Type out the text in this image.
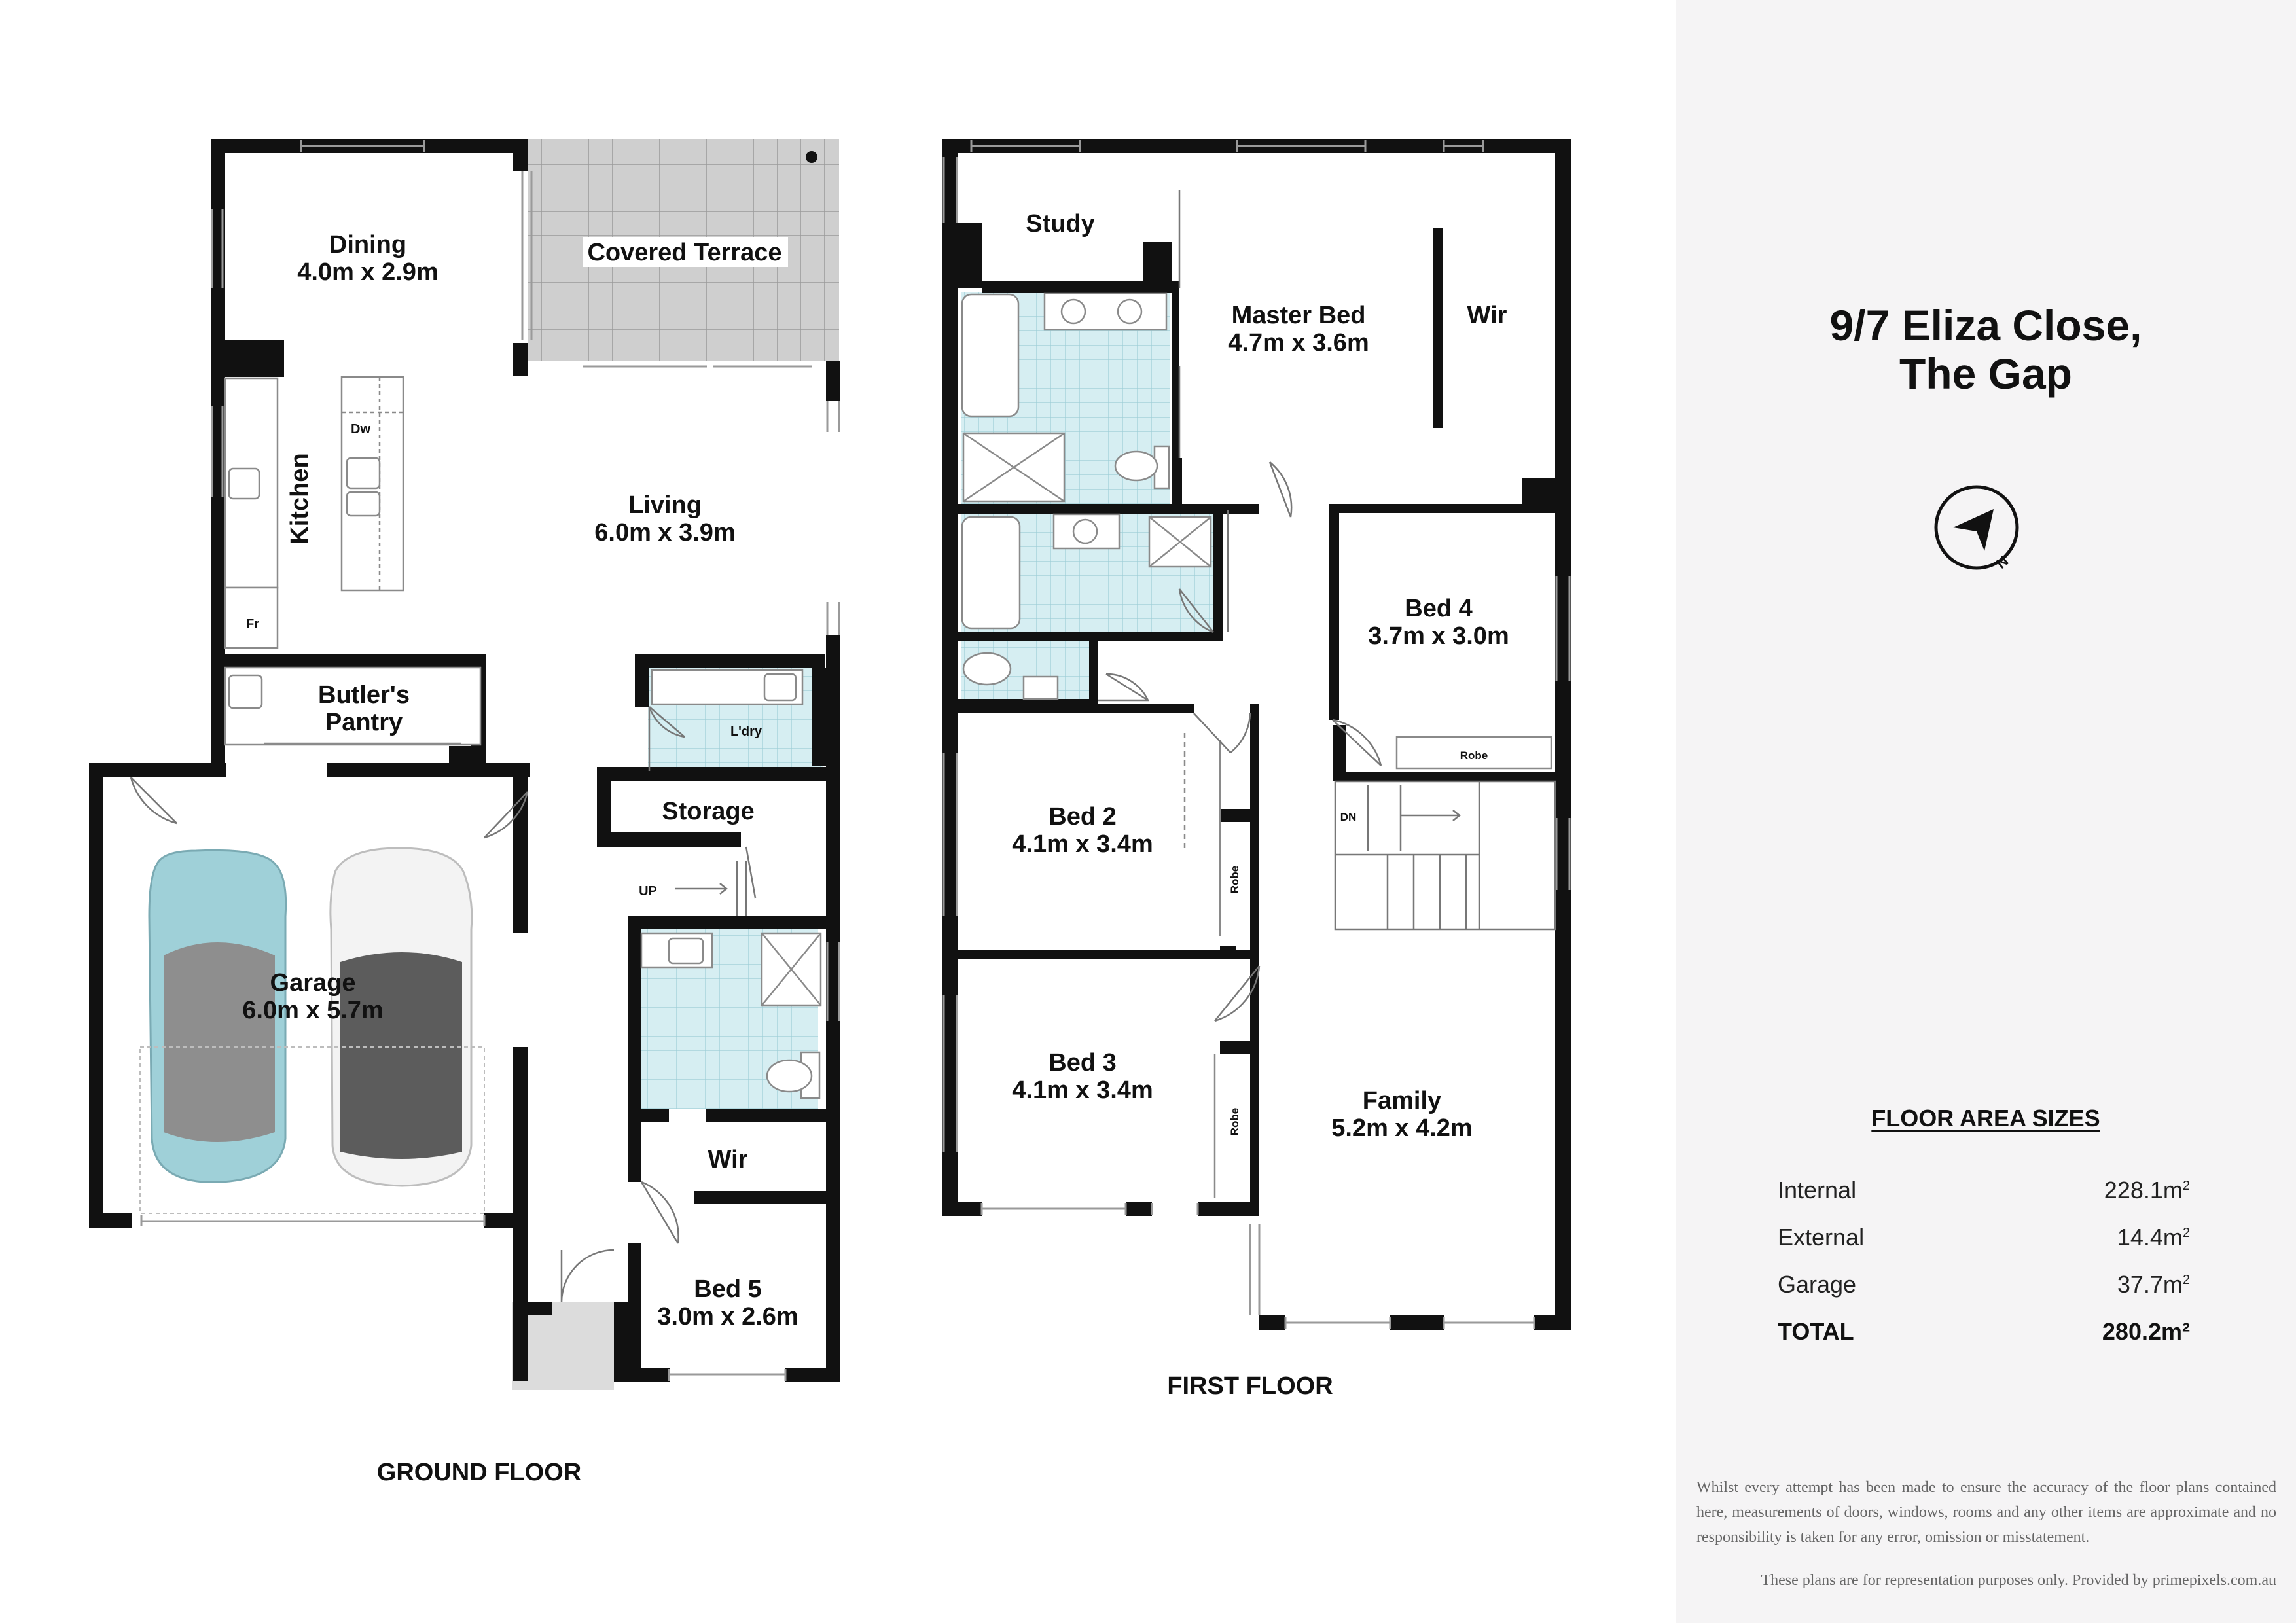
Dining
4.0m x 2.9m
Covered Terrace
Kitchen
Dw
Fr
Living
6.0m x 3.9m
Butler's
Pantry	L'dry
Storage
UP
Garage
6.0m x 5.7m
Wir
Bed 5
3.0m x 2.6m
GROUND FLOOR
Study
Master Bed
4.7m x 3.6m
Wir
Bed 4
3.7m x 3.0m
Robe
DN
Bed 2
4.1m x 3.4m
Robe
Bed 3
4.1m x 3.4m
Robe
Family
5.2m x 4.2m
FIRST FLOOR
9/7 Eliza Close,
The Gap
N
FLOOR AREA SIZES
Internal	$228.1m^2$
External	$14.4m^2$
Garage	$37.7m^2$
TOTAL	280.2m²
Whilst every attempt has been made to ensure the accuracy of the floor plans contained here, measurements of doors, windows, rooms and any other items are approximate and no responsibility is taken for any error, omission or misstatement.
These plans are for representation purposes only. Provided by primepixels.com.au
